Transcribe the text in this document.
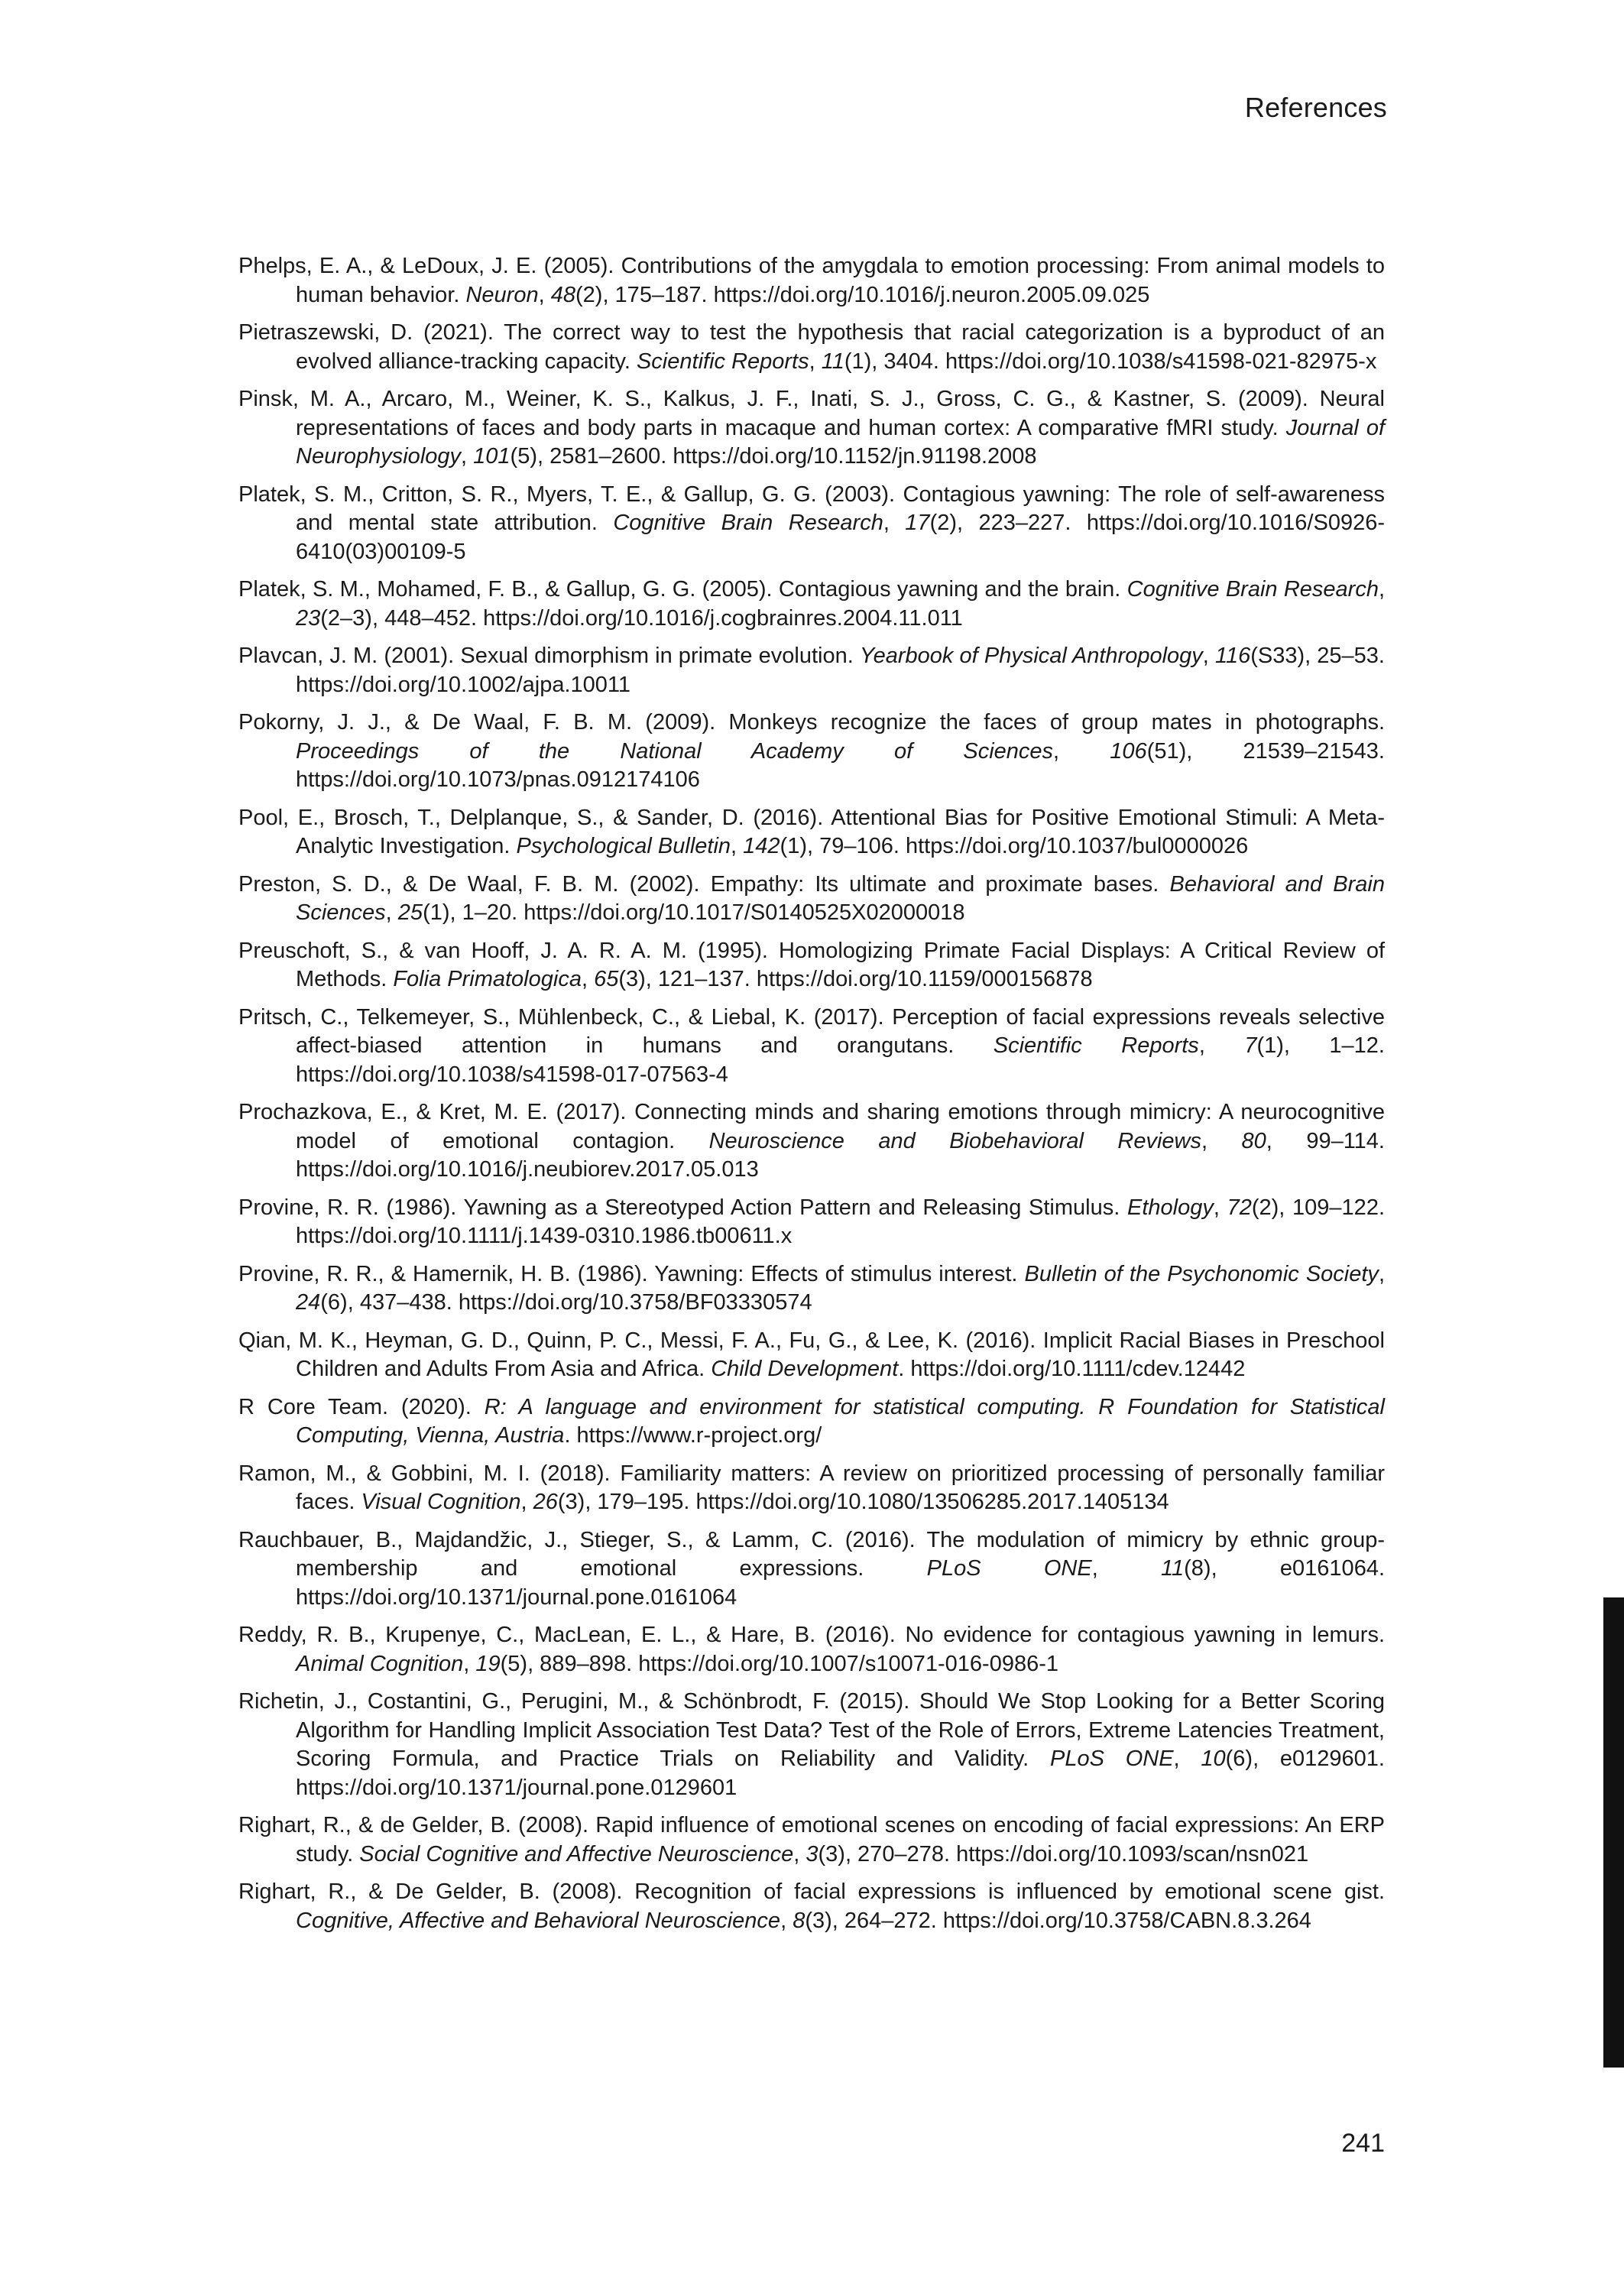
References

Phelps, E. A., & LeDoux, J. E. (2005). Contributions of the amygdala to emotion processing: From animal models to human behavior. Neuron, 48(2), 175–187. https://doi.org/10.1016/j.neuron.2005.09.025

Pietraszewski, D. (2021). The correct way to test the hypothesis that racial categorization is a byproduct of an evolved alliance-tracking capacity. Scientific Reports, 11(1), 3404. https://doi.org/10.1038/s41598-021-82975-x

Pinsk, M. A., Arcaro, M., Weiner, K. S., Kalkus, J. F., Inati, S. J., Gross, C. G., & Kastner, S. (2009). Neural representations of faces and body parts in macaque and human cortex: A comparative fMRI study. Journal of Neurophysiology, 101(5), 2581–2600. https://doi.org/10.1152/jn.91198.2008

Platek, S. M., Critton, S. R., Myers, T. E., & Gallup, G. G. (2003). Contagious yawning: The role of self-awareness and mental state attribution. Cognitive Brain Research, 17(2), 223–227. https://doi.org/10.1016/S0926-6410(03)00109-5

Platek, S. M., Mohamed, F. B., & Gallup, G. G. (2005). Contagious yawning and the brain. Cognitive Brain Research, 23(2–3), 448–452. https://doi.org/10.1016/j.cogbrainres.2004.11.011

Plavcan, J. M. (2001). Sexual dimorphism in primate evolution. Yearbook of Physical Anthropology, 116(S33), 25–53. https://doi.org/10.1002/ajpa.10011

Pokorny, J. J., & De Waal, F. B. M. (2009). Monkeys recognize the faces of group mates in photographs. Proceedings of the National Academy of Sciences, 106(51), 21539–21543. https://doi.org/10.1073/pnas.0912174106

Pool, E., Brosch, T., Delplanque, S., & Sander, D. (2016). Attentional Bias for Positive Emotional Stimuli: A Meta-Analytic Investigation. Psychological Bulletin, 142(1), 79–106. https://doi.org/10.1037/bul0000026

Preston, S. D., & De Waal, F. B. M. (2002). Empathy: Its ultimate and proximate bases. Behavioral and Brain Sciences, 25(1), 1–20. https://doi.org/10.1017/S0140525X02000018

Preuschoft, S., & van Hooff, J. A. R. A. M. (1995). Homologizing Primate Facial Displays: A Critical Review of Methods. Folia Primatologica, 65(3), 121–137. https://doi.org/10.1159/000156878

Pritsch, C., Telkemeyer, S., Mühlenbeck, C., & Liebal, K. (2017). Perception of facial expressions reveals selective affect-biased attention in humans and orangutans. Scientific Reports, 7(1), 1–12. https://doi.org/10.1038/s41598-017-07563-4

Prochazkova, E., & Kret, M. E. (2017). Connecting minds and sharing emotions through mimicry: A neurocognitive model of emotional contagion. Neuroscience and Biobehavioral Reviews, 80, 99–114. https://doi.org/10.1016/j.neubiorev.2017.05.013

Provine, R. R. (1986). Yawning as a Stereotyped Action Pattern and Releasing Stimulus. Ethology, 72(2), 109–122. https://doi.org/10.1111/j.1439-0310.1986.tb00611.x

Provine, R. R., & Hamernik, H. B. (1986). Yawning: Effects of stimulus interest. Bulletin of the Psychonomic Society, 24(6), 437–438. https://doi.org/10.3758/BF03330574

Qian, M. K., Heyman, G. D., Quinn, P. C., Messi, F. A., Fu, G., & Lee, K. (2016). Implicit Racial Biases in Preschool Children and Adults From Asia and Africa. Child Development. https://doi.org/10.1111/cdev.12442

R Core Team. (2020). R: A language and environment for statistical computing. R Foundation for Statistical Computing, Vienna, Austria. https://www.r-project.org/

Ramon, M., & Gobbini, M. I. (2018). Familiarity matters: A review on prioritized processing of personally familiar faces. Visual Cognition, 26(3), 179–195. https://doi.org/10.1080/13506285.2017.1405134

Rauchbauer, B., Majdandžic, J., Stieger, S., & Lamm, C. (2016). The modulation of mimicry by ethnic group-membership and emotional expressions. PLoS ONE, 11(8), e0161064. https://doi.org/10.1371/journal.pone.0161064

Reddy, R. B., Krupenye, C., MacLean, E. L., & Hare, B. (2016). No evidence for contagious yawning in lemurs. Animal Cognition, 19(5), 889–898. https://doi.org/10.1007/s10071-016-0986-1

Richetin, J., Costantini, G., Perugini, M., & Schönbrodt, F. (2015). Should We Stop Looking for a Better Scoring Algorithm for Handling Implicit Association Test Data? Test of the Role of Errors, Extreme Latencies Treatment, Scoring Formula, and Practice Trials on Reliability and Validity. PLoS ONE, 10(6), e0129601. https://doi.org/10.1371/journal.pone.0129601

Righart, R., & de Gelder, B. (2008). Rapid influence of emotional scenes on encoding of facial expressions: An ERP study. Social Cognitive and Affective Neuroscience, 3(3), 270–278. https://doi.org/10.1093/scan/nsn021

Righart, R., & De Gelder, B. (2008). Recognition of facial expressions is influenced by emotional scene gist. Cognitive, Affective and Behavioral Neuroscience, 8(3), 264–272. https://doi.org/10.3758/CABN.8.3.264

241
